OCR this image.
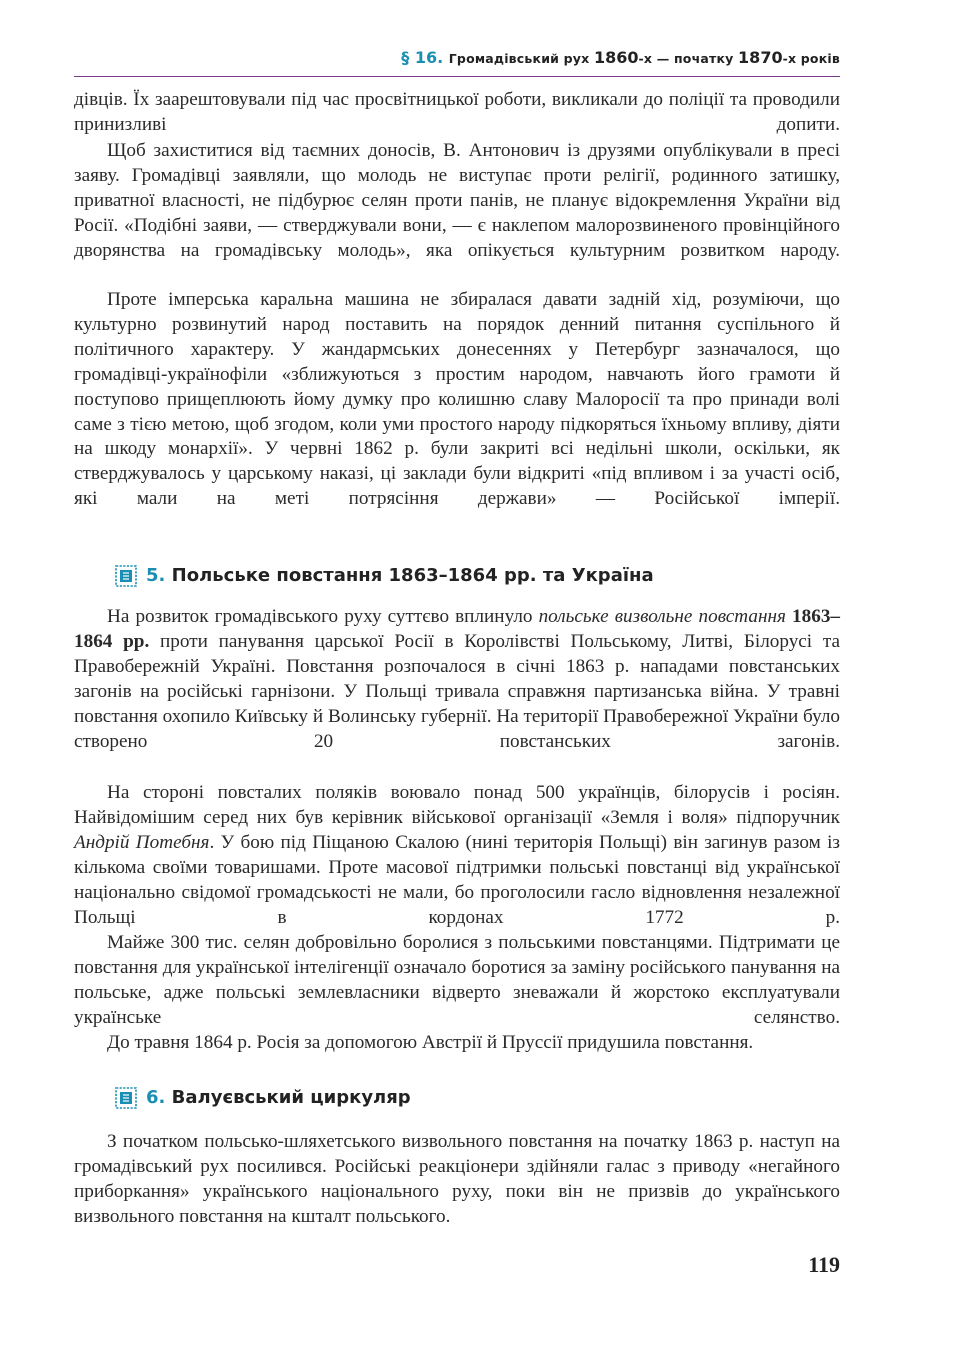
§ 16. Громадівський рух 1860-х — початку 1870-х років

дівців. Їх заарештовували під час просвітницької роботи, викликали до поліції та проводили принизливі допити.

Щоб захиститися від таємних доносів, В. Антонович із друзями опублікували в пресі заяву. Громадівці заявляли, що молодь не виступає проти релігії, родинного затишку, приватної власності, не підбурює селян проти панів, не планує відокремлення України від Росії. «Подібні заяви, — стверджували вони, — є наклепом малорозвиненого провінційного дворянства на громадівську молодь», яка опікується культурним розвитком народу.

Проте імперська каральна машина не збиралася давати задній хід, розуміючи, що культурно розвинутий народ поставить на порядок денний питання суспільного й політичного характеру. У жандармських донесеннях у Петербург зазначалося, що громадівці-українофіли «зближуються з простим народом, навчають його грамоти й поступово прищеплюють йому думку про колишню славу Малоросії та про принади волі саме з тією метою, щоб згодом, коли уми простого народу підкоряться їхньому впливу, діяти на шкоду монархії». У червні 1862 р. були закриті всі недільні школи, оскільки, як стверджувалось у царському наказі, ці заклади були відкриті «під впливом і за участі осіб, які мали на меті потрясіння держави» — Російської імперії.

5. Польське повстання 1863–1864 рр. та Україна

На розвиток громадівського руху суттєво вплинуло польське визвольне повстання 1863–1864 рр. проти панування царської Росії в Королівстві Польському, Литві, Білорусі та Правобережній Україні. Повстання розпочалося в січні 1863 р. нападами повстанських загонів на російські гарнізони. У Польщі тривала справжня партизанська війна. У травні повстання охопило Київську й Волинську губернії. На території Правобережної України було створено 20 повстанських загонів.

На стороні повсталих поляків воювало понад 500 українців, білорусів і росіян. Найвідомішим серед них був керівник військової організації «Земля і воля» підпоручник Андрій Потебня. У бою під Піщаною Скалою (нині територія Польщі) він загинув разом із кількома своїми товаришами. Проте масової підтримки польські повстанці від української національно свідомої громадськості не мали, бо проголосили гасло відновлення незалежної Польщі в кордонах 1772 р.

Майже 300 тис. селян добровільно боролися з польськими повстанцями. Підтримати це повстання для української інтелігенції означало боротися за заміну російського панування на польське, адже польські землевласники відверто зневажали й жорстоко експлуатували українське селянство.

До травня 1864 р. Росія за допомогою Австрії й Пруссії придушила повстання.

6. Валуєвський циркуляр

З початком польсько-шляхетського визвольного повстання на початку 1863 р. наступ на громадівський рух посилився. Російські реакціонери здійняли галас з приводу «негайного приборкання» українського національного руху, поки він не призвів до українського визвольного повстання на кшталт польського.

119
